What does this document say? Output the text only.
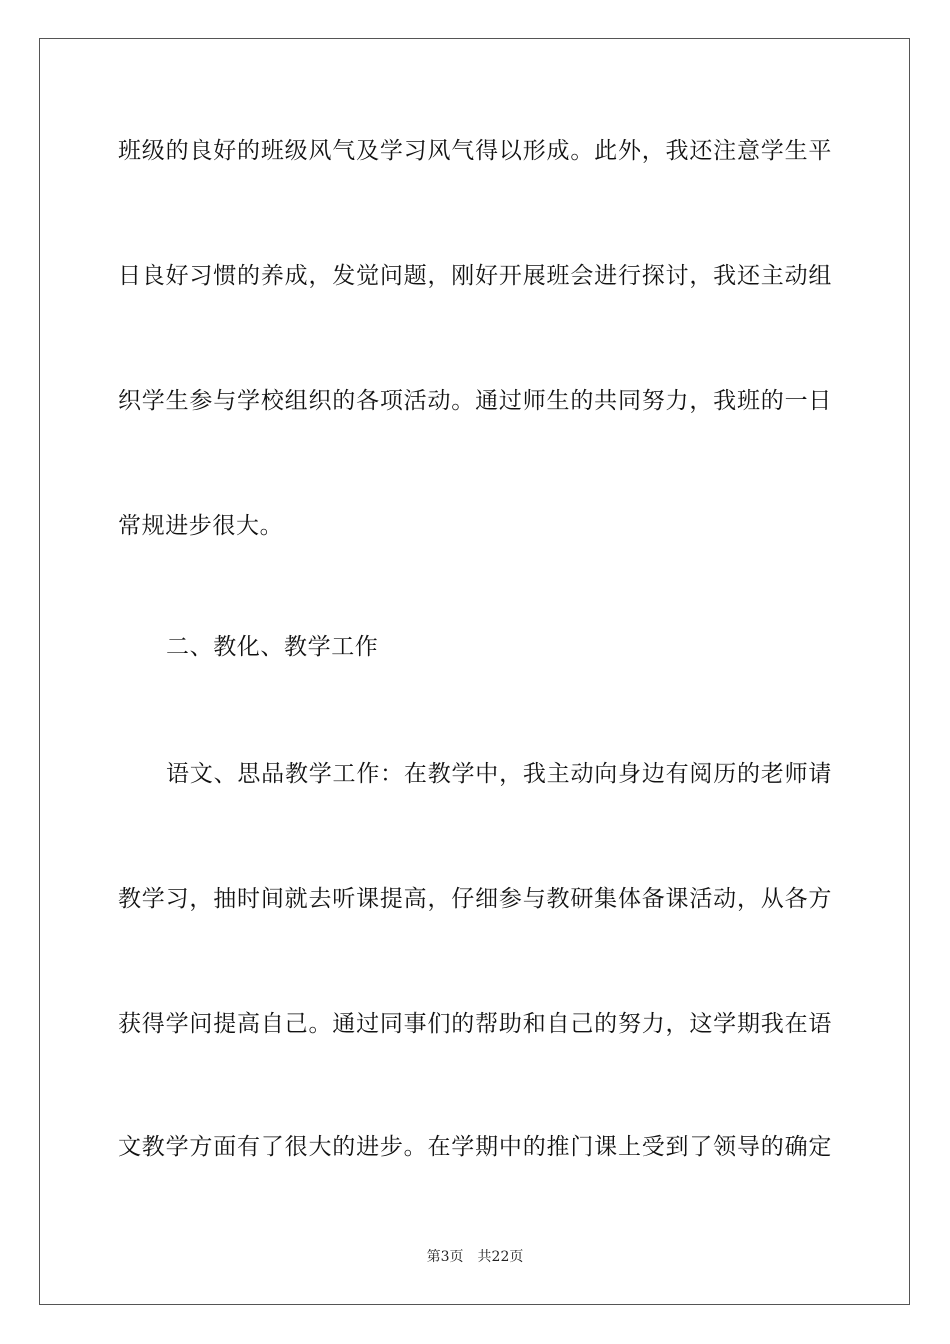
班级的良好的班级风气及学习风气得以形成。此外，我还注意学生平
日良好习惯的养成，发觉问题，刚好开展班会进行探讨，我还主动组
织学生参与学校组织的各项活动。通过师生的共同努力，我班的一日
常规进步很大。
二、教化、教学工作
语文、思品教学工作：在教学中，我主动向身边有阅历的老师请
教学习，抽时间就去听课提高，仔细参与教研集体备课活动，从各方
获得学问提高自己。通过同事们的帮助和自己的努力，这学期我在语
文教学方面有了很大的进步。在学期中的推门课上受到了领导的确定
第3页 共22页
